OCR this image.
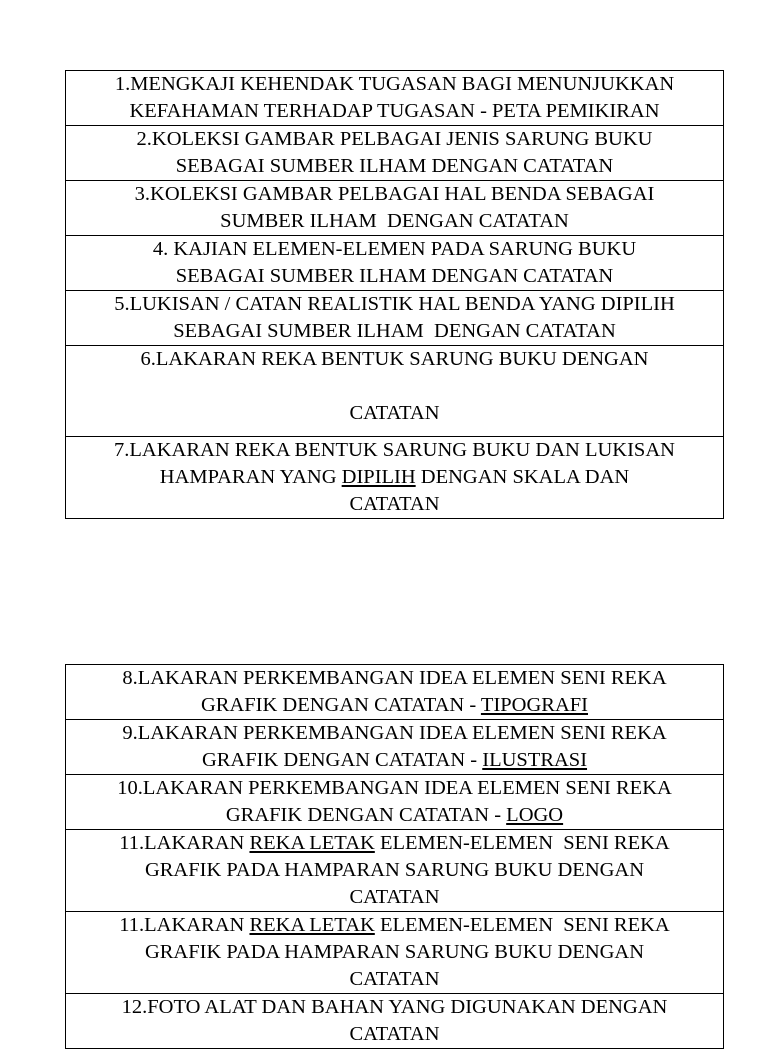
1.MENGKAJI KEHENDAK TUGASAN BAGI MENUNJUKKAN
KEFAHAMAN TERHADAP TUGASAN - PETA PEMIKIRAN
2.KOLEKSI GAMBAR PELBAGAI JENIS SARUNG BUKU
SEBAGAI SUMBER ILHAM DENGAN CATATAN
3.KOLEKSI GAMBAR PELBAGAI HAL BENDA SEBAGAI
SUMBER ILHAM  DENGAN CATATAN
4. KAJIAN ELEMEN-ELEMEN PADA SARUNG BUKU
SEBAGAI SUMBER ILHAM DENGAN CATATAN
5.LUKISAN / CATAN REALISTIK HAL BENDA YANG DIPILIH
SEBAGAI SUMBER ILHAM  DENGAN CATATAN
6.LAKARAN REKA BENTUK SARUNG BUKU DENGAN

CATATAN
7.LAKARAN REKA BENTUK SARUNG BUKU DAN LUKISAN
HAMPARAN YANG DIPILIH DENGAN SKALA DAN
CATATAN
8.LAKARAN PERKEMBANGAN IDEA ELEMEN SENI REKA
GRAFIK DENGAN CATATAN - TIPOGRAFI
9.LAKARAN PERKEMBANGAN IDEA ELEMEN SENI REKA
GRAFIK DENGAN CATATAN - ILUSTRASI
10.LAKARAN PERKEMBANGAN IDEA ELEMEN SENI REKA
GRAFIK DENGAN CATATAN - LOGO
11.LAKARAN REKA LETAK ELEMEN-ELEMEN  SENI REKA
GRAFIK PADA HAMPARAN SARUNG BUKU DENGAN
CATATAN
11.LAKARAN REKA LETAK ELEMEN-ELEMEN  SENI REKA
GRAFIK PADA HAMPARAN SARUNG BUKU DENGAN
CATATAN
12.FOTO ALAT DAN BAHAN YANG DIGUNAKAN DENGAN
CATATAN
